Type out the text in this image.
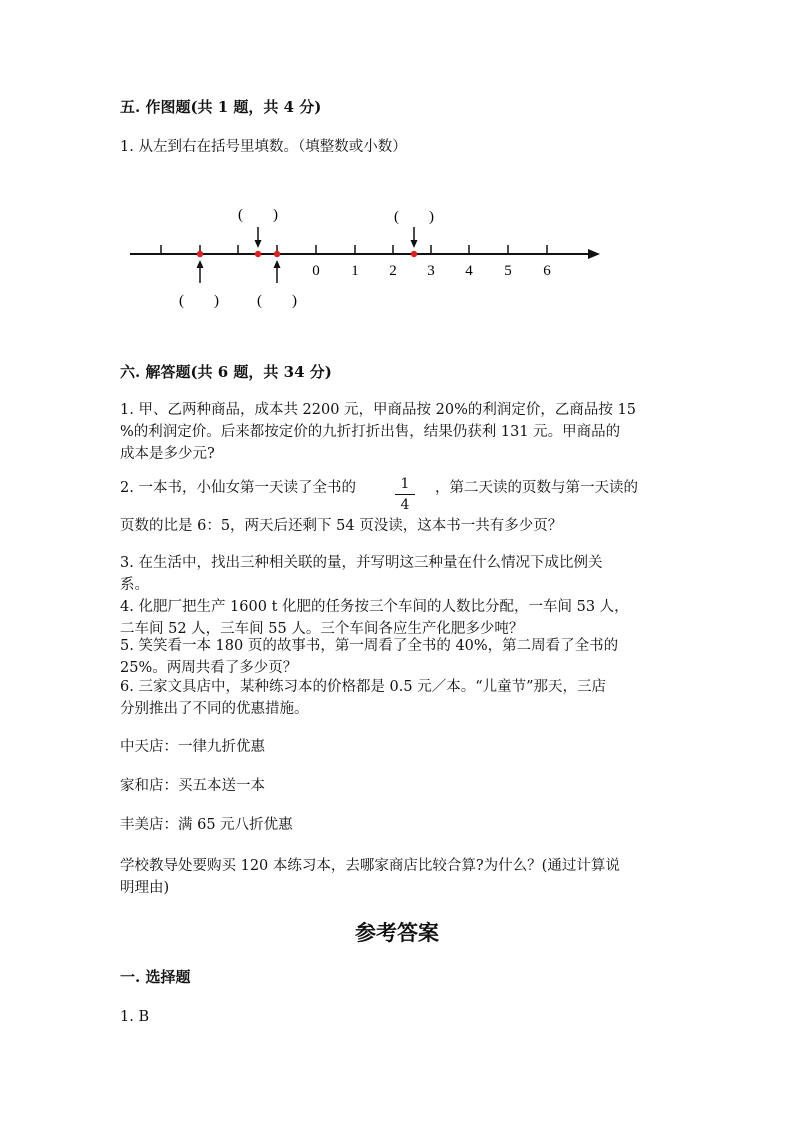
五. 作图题(共 1 题，共 4 分)
1. 从左到右在括号里填数。（填整数或小数）
0 1 2 3 4 5 6
(　　)	(　　)
(　　)	(　　)
六. 解答题(共 6 题，共 34 分)
1. 甲、乙两种商品，成本共 2200 元，甲商品按 20%的利润定价，乙商品按 15
%的利润定价。后来都按定价的九折打折出售，结果仍获利 131 元。甲商品的
成本是多少元?
2. 一本书，小仙女第一天读了全书的	1
4
，第二天读的页数与第一天读的
页数的比是 6：5，两天后还剩下 54 页没读，这本书一共有多少页？
3. 在生活中，找出三种相关联的量，并写明这三种量在什么情况下成比例关
系。
4. 化肥厂把生产 1600 t 化肥的任务按三个车间的人数比分配，一车间 53 人，
二车间 52 人，三车间 55 人。三个车间各应生产化肥多少吨？
5. 笑笑看一本 180 页的故事书，第一周看了全书的 40%，第二周看了全书的
25%。两周共看了多少页？
6. 三家文具店中，某种练习本的价格都是 0.5 元／本。“儿童节”那天，三店
分别推出了不同的优惠措施。
中天店：一律九折优惠
家和店：买五本送一本
丰美店：满 65 元八折优惠
学校教导处要购买 120 本练习本，去哪家商店比较合算?为什么？(通过计算说
明理由)
参考答案
一. 选择题
1. B
